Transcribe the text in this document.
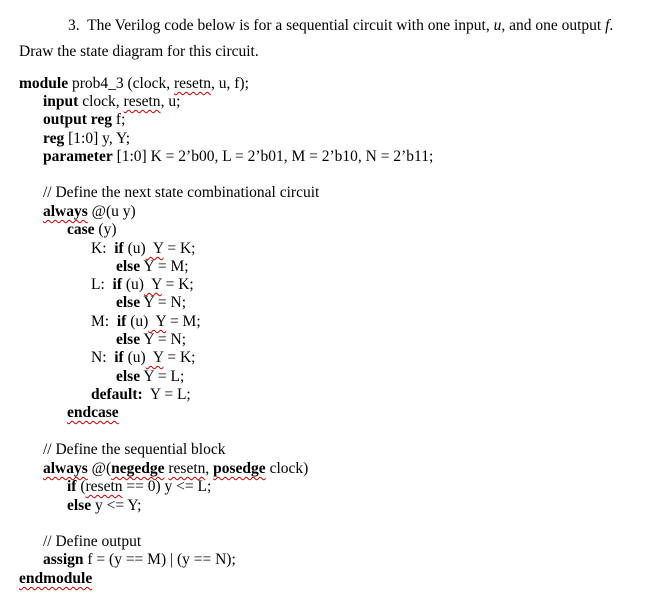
3. The Verilog code below is for a sequential circuit with one input, u, and one output f.
Draw the state diagram for this circuit.
module prob4_3 (clock, resetn, u, f);
input clock, resetn, u;
output reg f;
reg [1:0] y, Y;
parameter [1:0] K = 2’b00, L = 2’b01, M = 2’b10, N = 2’b11;
// Define the next state combinational circuit
always @(u y)
case (y)
K:  if (u)  Y = K;
else Y = M;
L:  if (u)  Y = K;
else Y = N;
M:  if (u)  Y = M;
else Y = N;
N:  if (u)  Y = K;
else Y = L;
default:  Y = L;
endcase
// Define the sequential block
always @(negedge resetn, posedge clock)
if (resetn == 0) y <= L;
else y <= Y;
// Define output
assign f = (y == M) | (y == N);
endmodule
